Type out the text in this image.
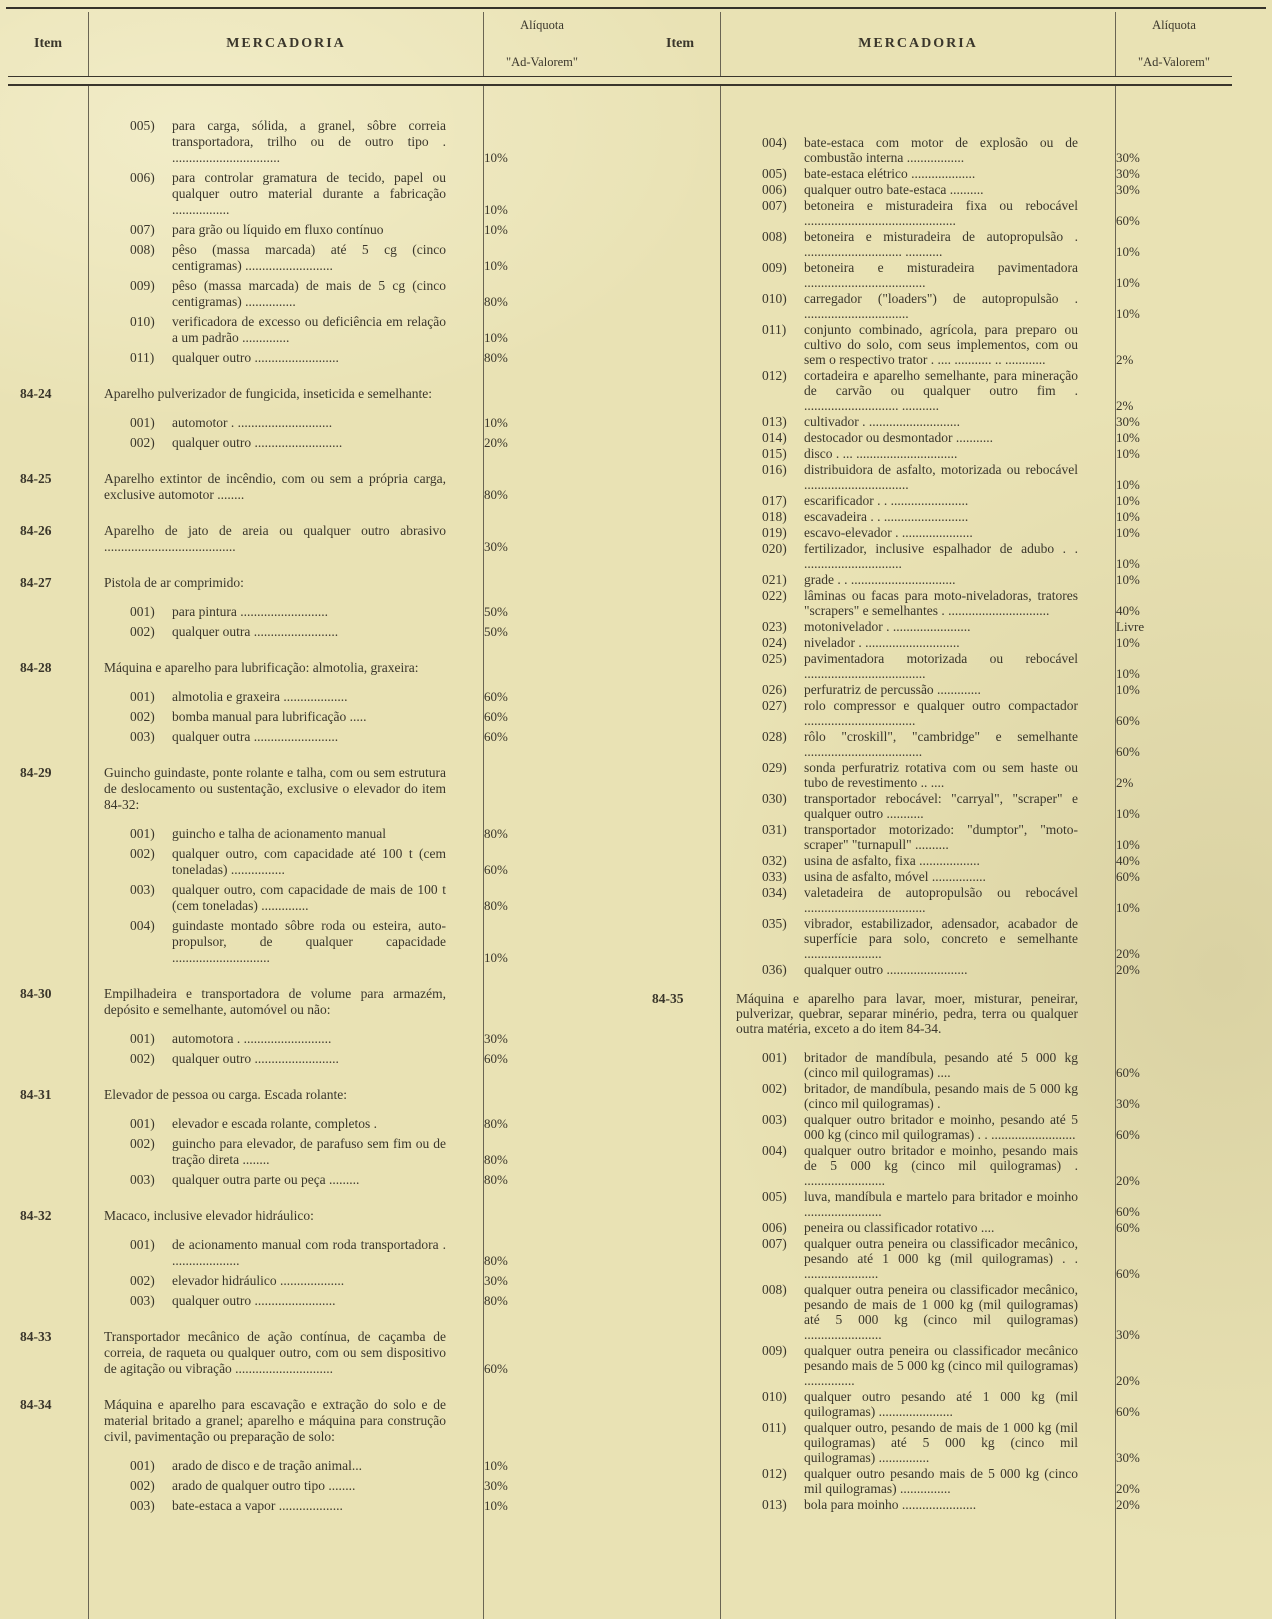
Item	MERCADORIA
Alíquota
"Ad-Valorem"
Item	MERCADORIA
Alíquota
"Ad-Valorem"
005)	para carga, sólida, a granel, sôbre correia transportadora, trilho ou de outro tipo . ................................	10%
006)	para controlar gramatura de tecido, papel ou qualquer outro material durante a fabricação .................	10%
007)	para grão ou líquido em fluxo contínuo	10%
008)	pêso (massa marcada) até 5 cg (cinco centigramas) ..........................	10%
009)	pêso (massa marcada) de mais de 5 cg (cinco centigramas) ...............	80%
010)	verificadora de excesso ou deficiência em relação a um padrão ..............	10%
011)	qualquer outro .........................	80%
84-24	Aparelho pulverizador de fungicida, inseticida e semelhante:
001)	automotor . ............................	10%
002)	qualquer outro ..........................	20%
84-25	Aparelho extintor de incêndio, com ou sem a própria carga, exclusive automotor ........	80%
84-26	Aparelho de jato de areia ou qualquer outro abrasivo .......................................	30%
84-27	Pistola de ar comprimido:
001)	para pintura ..........................	50%
002)	qualquer outra .........................	50%
84-28	Máquina e aparelho para lubrificação: almotolia, graxeira:
001)	almotolia e graxeira ...................	60%
002)	bomba manual para lubrificação .....	60%
003)	qualquer outra .........................	60%
84-29	Guincho guindaste, ponte rolante e talha, com ou sem estrutura de deslocamento ou sustentação, exclusive o elevador do item 84-32:
001)	guincho e talha de acionamento manual	80%
002)	qualquer outro, com capacidade até 100 t (cem toneladas) ................	60%
003)	qualquer outro, com capacidade de mais de 100 t (cem toneladas) ..............	80%
004)	guindaste montado sôbre roda ou esteira, auto-propulsor, de qualquer capacidade .............................	10%
84-30	Empilhadeira e transportadora de volume para armazém, depósito e semelhante, automóvel ou não:
001)	automotora . ..........................	30%
002)	qualquer outro .........................	60%
84-31	Elevador de pessoa ou carga. Escada rolante:
001)	elevador e escada rolante, completos .	80%
002)	guincho para elevador, de parafuso sem fim ou de tração direta ........	80%
003)	qualquer outra parte ou peça .........	80%
84-32	Macaco, inclusive elevador hidráulico:
001)	de acionamento manual com roda transportadora . ....................	80%
002)	elevador hidráulico ...................	30%
003)	qualquer outro ........................	80%
84-33	Transportador mecânico de ação contínua, de caçamba de correia, de raqueta ou qualquer outro, com ou sem dispositivo de agitação ou vibração .............................	60%
84-34	Máquina e aparelho para escavação e extração do solo e de material britado a granel; aparelho e máquina para construção civil, pavimentação ou preparação de solo:
001)	arado de disco e de tração animal...	10%
002)	arado de qualquer outro tipo ........	30%
003)	bate-estaca a vapor ...................	10%
004)	bate-estaca com motor de explosão ou de combustão interna .................	30%
005)	bate-estaca elétrico ...................	30%
006)	qualquer outro bate-estaca ..........	30%
007)	betoneira e misturadeira fixa ou rebocável .............................................	60%
008)	betoneira e misturadeira de autopropulsão . ............................. ...........	10%
009)	betoneira e misturadeira pavimentadora ....................................	10%
010)	carregador ("loaders") de autopropulsão . ...............................	10%
011)	conjunto combinado, agrícola, para preparo ou cultivo do solo, com seus implementos, com ou sem o respectivo trator . .... ........... .. ............	2%
012)	cortadeira e aparelho semelhante, para mineração de carvão ou qualquer outro fim . ............................ ...........	2%
013)	cultivador . ...........................	30%
014)	destocador ou desmontador ...........	10%
015)	disco . ... ..............................	10%
016)	distribuidora de asfalto, motorizada ou rebocável ...............................	10%
017)	escarificador . . .......................	10%
018)	escavadeira . . .........................	10%
019)	escavo-elevador . .....................	10%
020)	fertilizador, inclusive espalhador de adubo . . .............................	10%
021)	grade . . ...............................	10%
022)	lâminas ou facas para moto-niveladoras, tratores "scrapers" e semelhantes . ..............................	40%
023)	motonivelador . .......................	Livre
024)	nivelador . ............................	10%
025)	pavimentadora motorizada ou rebocável ....................................	10%
026)	perfuratriz de percussão .............	10%
027)	rolo compressor e qualquer outro compactador .................................	60%
028)	rôlo "croskill", "cambridge" e semelhante ...................................	60%
029)	sonda perfuratriz rotativa com ou sem haste ou tubo de revestimento .. ....	2%
030)	transportador rebocável: "carryal", "scraper" e qualquer outro ...........	10%
031)	transportador motorizado: "dumptor", "moto-scraper" "turnapull" ..........	10%
032)	usina de asfalto, fixa ..................	40%
033)	usina de asfalto, móvel ................	60%
034)	valetadeira de autopropulsão ou rebocável ....................................	10%
035)	vibrador, estabilizador, adensador, acabador de superfície para solo, concreto e semelhante .......................	20%
036)	qualquer outro ........................	20%
84-35	Máquina e aparelho para lavar, moer, misturar, peneirar, pulverizar, quebrar, separar minério, pedra, terra ou qualquer outra matéria, exceto a do item 84-34.
001)	britador de mandíbula, pesando até 5 000 kg (cinco mil quilogramas) ....	60%
002)	britador, de mandíbula, pesando mais de 5 000 kg (cinco mil quilogramas) .	30%
003)	qualquer outro britador e moinho, pesando até 5 000 kg (cinco mil quilogramas) . . .........................	60%
004)	qualquer outro britador e moinho, pesando mais de 5 000 kg (cinco mil quilogramas) . ........................	20%
005)	luva, mandíbula e martelo para britador e moinho .......................	60%
006)	peneira ou classificador rotativo ....	60%
007)	qualquer outra peneira ou classificador mecânico, pesando até 1 000 kg (mil quilogramas) . . ......................	60%
008)	qualquer outra peneira ou classificador mecânico, pesando de mais de 1 000 kg (mil quilogramas) até 5 000 kg (cinco mil quilogramas) .......................	30%
009)	qualquer outra peneira ou classificador mecânico pesando mais de 5 000 kg (cinco mil quilogramas) ...............	20%
010)	qualquer outro pesando até 1 000 kg (mil quilogramas) ......................	60%
011)	qualquer outro, pesando de mais de 1 000 kg (mil quilogramas) até 5 000 kg (cinco mil quilogramas) ...............	30%
012)	qualquer outro pesando mais de 5 000 kg (cinco mil quilogramas) ...............	20%
013)	bola para moinho ......................	20%
